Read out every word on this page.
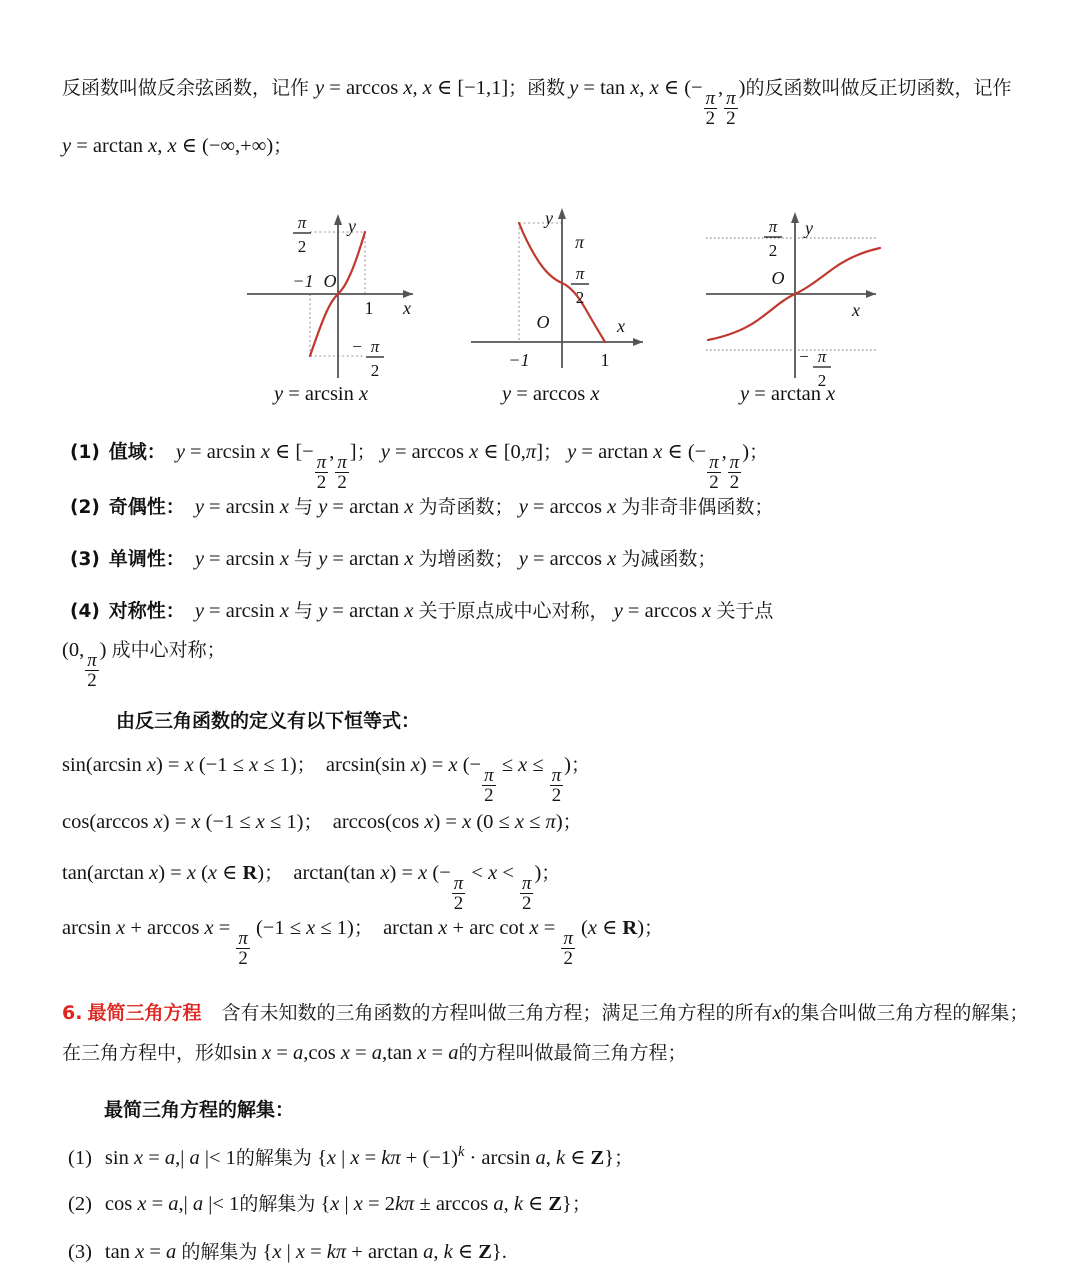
反函数叫做反余弦函数，记作 y = arccos x, x ∈ [−1,1]；函数 y = tan x, x ∈ (−
$\frac{\pi}{2}$
,
$\frac{\pi}{2}$
)的反函数叫做反正切函数，记作
y = arctan x, x ∈ (−∞,+∞)；
−1
1
O
y
x
π
2
− π
2
−1	1
O
y
x
π
π
2
O
y
x
π
2
− π
2
y = arcsin x	y = arccos x	y = arctan x
(1) 值域： y = arcsin x ∈ [−
$\frac{\pi}{2}$
,
$\frac{\pi}{2}$
]； y = arccos x ∈ [0,π]； y = arctan x ∈ (−
$\frac{\pi}{2}$
,
$\frac{\pi}{2}$
)；
(2) 奇偶性： y = arcsin x 与 y = arctan x 为奇函数； y = arccos x 为非奇非偶函数；
(3) 单调性： y = arcsin x 与 y = arctan x 为增函数； y = arccos x 为减函数；
(4) 对称性： y = arcsin x 与 y = arctan x 关于原点成中心对称， y = arccos x 关于点
(0,
$\frac{\pi}{2}$
) 成中心对称；
由反三角函数的定义有以下恒等式：
sin(arcsin x) = x (−1 ≤ x ≤ 1)； arcsin(sin x) = x (−
$\frac{\pi}{2}$
≤ x ≤
$\frac{\pi}{2}$
)；
cos(arccos x) = x (−1 ≤ x ≤ 1)； arccos(cos x) = x (0 ≤ x ≤ π)；
tan(arctan x) = x (x ∈ R)； arctan(tan x) = x (−
$\frac{\pi}{2}$
< x <
$\frac{\pi}{2}$
)；
arcsin x + arccos x =
$\frac{\pi}{2}$
(−1 ≤ x ≤ 1)； arctan x + arc cot x =
$\frac{\pi}{2}$
(x ∈ R)；
6. 最简三角方程 含有未知数的三角函数的方程叫做三角方程；满足三角方程的所有x的集合叫做三角方程的解集；
在三角方程中，形如sin x = a,cos x = a,tan x = a的方程叫做最简三角方程；
最简三角方程的解集：
(1) sin x = a,| a |< 1的解集为 {x | $x = k\pi + (-1)^k \cdot \arcsin a$, k ∈ Z}；
(2) cos x = a,| a |< 1的解集为 {x | x = 2kπ ± arccos a, k ∈ Z}；
(3) tan x = a 的解集为 {x | x = kπ + arctan a, k ∈ Z}.
